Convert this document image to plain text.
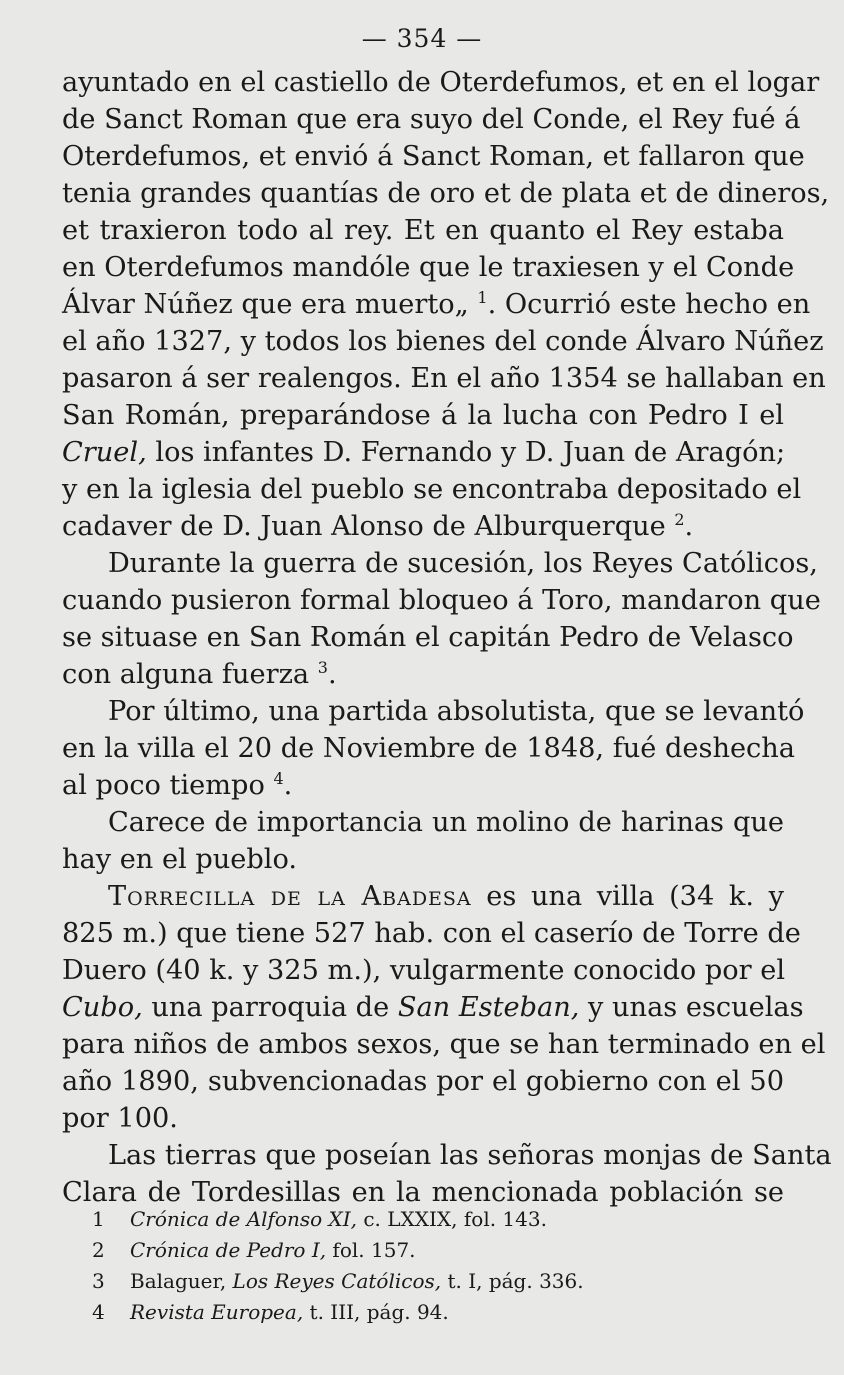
— 354 —
ayuntado en el castiello de Oterdefumos, et en el logar
de Sanct Roman que era suyo del Conde, el Rey fué á
Oterdefumos, et envió á Sanct Roman, et fallaron que
tenia grandes quantías de oro et de plata et de dineros,
et traxieron todo al rey. Et en quanto el Rey estaba
en Oterdefumos mandóle que le traxiesen y el Conde
Álvar Núñez que era muerto„ $^1$. Ocurrió este hecho en
el año 1327, y todos los bienes del conde Álvaro Núñez
pasaron á ser realengos. En el año 1354 se hallaban en
San Román, preparándose á la lucha con Pedro I el
Cruel, los infantes D. Fernando y D. Juan de Aragón;
y en la iglesia del pueblo se encontraba depositado el
cadaver de D. Juan Alonso de Alburquerque $^2$.
Durante la guerra de sucesión, los Reyes Católicos,
cuando pusieron formal bloqueo á Toro, mandaron que
se situase en San Román el capitán Pedro de Velasco
con alguna fuerza $^3$.
Por último, una partida absolutista, que se levantó
en la villa el 20 de Noviembre de 1848, fué deshecha
al poco tiempo $^4$.
Carece de importancia un molino de harinas que
hay en el pueblo.
Torrecilla de la Abadesa es una villa (34 k. y
825 m.) que tiene 527 hab. con el caserío de Torre de
Duero (40 k. y 325 m.), vulgarmente conocido por el
Cubo, una parroquia de San Esteban, y unas escuelas
para niños de ambos sexos, que se han terminado en el
año 1890, subvencionadas por el gobierno con el 50
por 100.
Las tierras que poseían las señoras monjas de Santa
Clara de Tordesillas en la mencionada población se
1 Crónica de Alfonso XI, c. LXXIX, fol. 143.
2 Crónica de Pedro I, fol. 157.
3 Balaguer, Los Reyes Católicos, t. I, pág. 336.
4 Revista Europea, t. III, pág. 94.
